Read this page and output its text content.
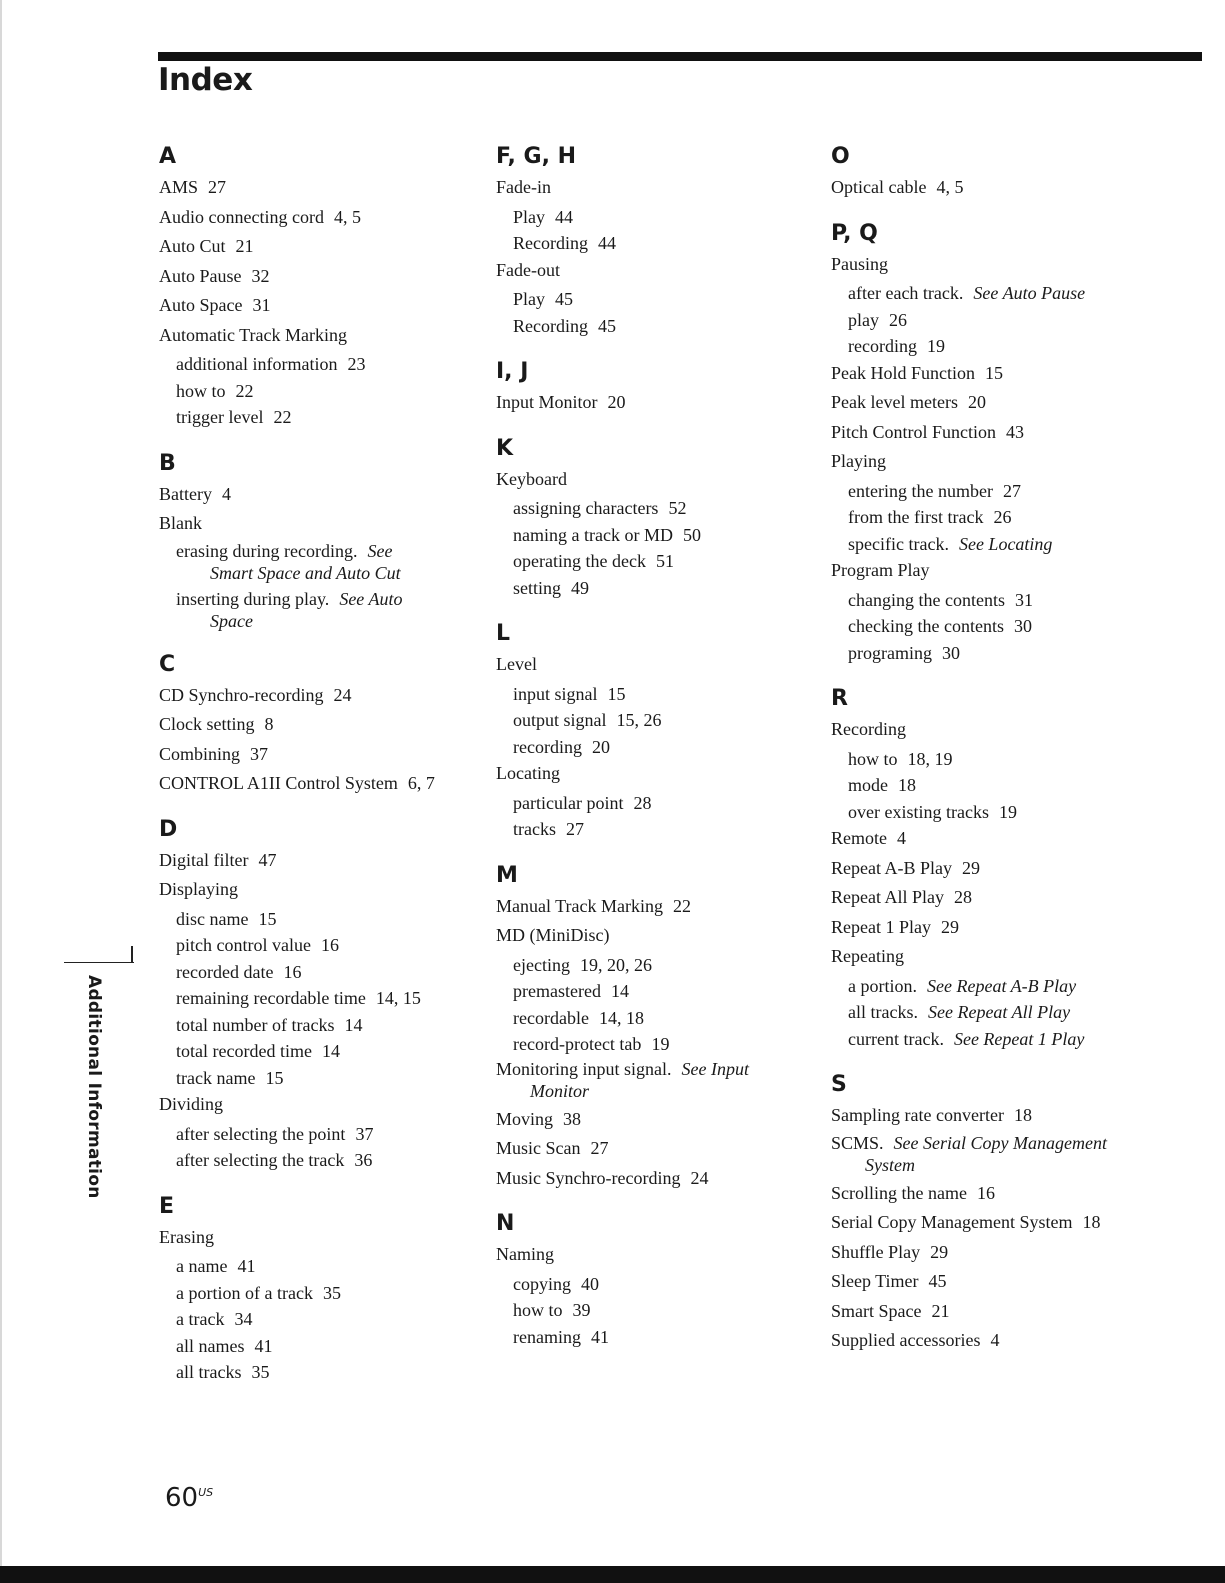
Index
A
AMS 27
Audio connecting cord 4, 5
Auto Cut 21
Auto Pause 32
Auto Space 31
Automatic Track Marking
additional information 23
how to 22
trigger level 22
B
Battery 4
Blank
erasing during recording. See
Smart Space and Auto Cut
inserting during play. See Auto
Space
C
CD Synchro-recording 24
Clock setting 8
Combining 37
CONTROL A1II Control System 6, 7
D
Digital filter 47
Displaying
disc name 15
pitch control value 16
recorded date 16
remaining recordable time 14, 15
total number of tracks 14
total recorded time 14
track name 15
Dividing
after selecting the point 37
after selecting the track 36
E
Erasing
a name 41
a portion of a track 35
a track 34
all names 41
all tracks 35
F, G, H
Fade-in
Play 44
Recording 44
Fade-out
Play 45
Recording 45
I, J
Input Monitor 20
K
Keyboard
assigning characters 52
naming a track or MD 50
operating the deck 51
setting 49
L
Level
input signal 15
output signal 15, 26
recording 20
Locating
particular point 28
tracks 27
M
Manual Track Marking 22
MD (MiniDisc)
ejecting 19, 20, 26
premastered 14
recordable 14, 18
record-protect tab 19
Monitoring input signal. See Input
Monitor
Moving 38
Music Scan 27
Music Synchro-recording 24
N
Naming
copying 40
how to 39
renaming 41
O
Optical cable 4, 5
P, Q
Pausing
after each track. See Auto Pause
play 26
recording 19
Peak Hold Function 15
Peak level meters 20
Pitch Control Function 43
Playing
entering the number 27
from the first track 26
specific track. See Locating
Program Play
changing the contents 31
checking the contents 30
programing 30
R
Recording
how to 18, 19
mode 18
over existing tracks 19
Remote 4
Repeat A-B Play 29
Repeat All Play 28
Repeat 1 Play 29
Repeating
a portion. See Repeat A-B Play
all tracks. See Repeat All Play
current track. See Repeat 1 Play
S
Sampling rate converter 18
SCMS. See Serial Copy Management
System
Scrolling the name 16
Serial Copy Management System 18
Shuffle Play 29
Sleep Timer 45
Smart Space 21
Supplied accessories 4
Additional Information
$60^{US}$
